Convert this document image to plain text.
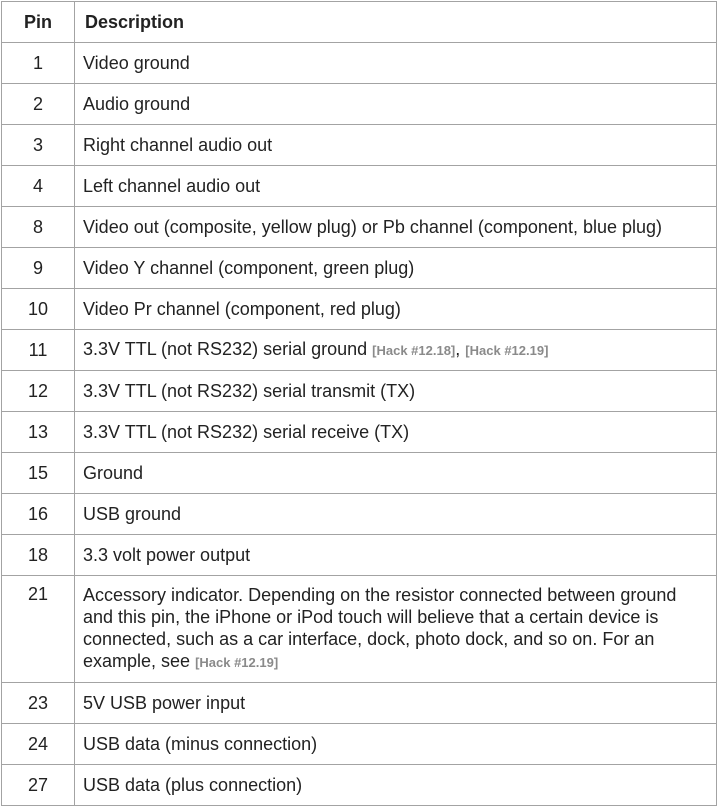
Pin	Description
1	Video ground
2	Audio ground
3	Right channel audio out
4	Left channel audio out
8	Video out (composite, yellow plug) or Pb channel (component, blue plug)
9	Video Y channel (component, green plug)
10	Video Pr channel (component, red plug)
11	3.3V TTL (not RS232) serial ground [Hack #12.18], [Hack #12.19]
12	3.3V TTL (not RS232) serial transmit (TX)
13	3.3V TTL (not RS232) serial receive (TX)
15	Ground
16	USB ground
18	3.3 volt power output
21	Accessory indicator. Depending on the resistor connected between ground and this pin, the iPhone or iPod touch will believe that a certain device is connected, such as a car interface, dock, photo dock, and so on. For an example, see [Hack #12.19]
23	5V USB power input
24	USB data (minus connection)
27	USB data (plus connection)
